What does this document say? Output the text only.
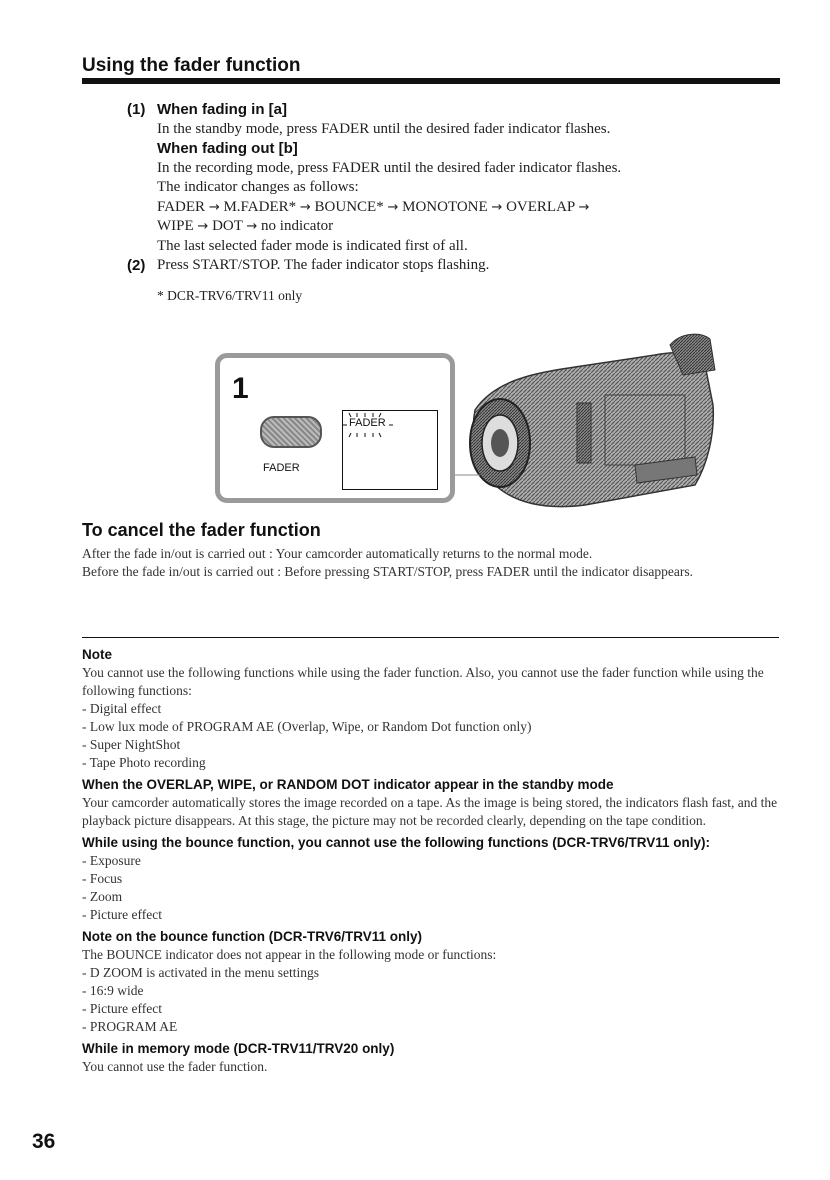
Using the fader function

(1) When fading in [a]

In the standby mode, press FADER until the desired fader indicator flashes.

When fading out [b]

In the recording mode, press FADER until the desired fader indicator flashes.

The indicator changes as follows:

FADER → M.FADER* → BOUNCE* → MONOTONE → OVERLAP →

WIPE → DOT → no indicator

The last selected fader mode is indicated first of all.

(2) Press START/STOP. The fader indicator stops flashing.

* DCR-TRV6/TRV11 only

1
FADER
FADER
To cancel the fader function

After the fade in/out is carried out : Your camcorder automatically returns to the normal mode.

Before the fade in/out is carried out : Before pressing START/STOP, press FADER until the indicator disappears.

Note

You cannot use the following functions while using the fader function. Also, you cannot use the fader function while using the following functions:

- Digital effect

- Low lux mode of PROGRAM AE (Overlap, Wipe, or Random Dot function only)

- Super NightShot

- Tape Photo recording

When the OVERLAP, WIPE, or RANDOM DOT indicator appear in the standby mode

Your camcorder automatically stores the image recorded on a tape. As the image is being stored, the indicators flash fast, and the playback picture disappears. At this stage, the picture may not be recorded clearly, depending on the tape condition.

While using the bounce function, you cannot use the following functions (DCR-TRV6/TRV11 only):

- Exposure

- Focus

- Zoom

- Picture effect

Note on the bounce function (DCR-TRV6/TRV11 only)

The BOUNCE indicator does not appear in the following mode or functions:

- D ZOOM is activated in the menu settings

- 16:9 wide

- Picture effect

- PROGRAM AE

While in memory mode (DCR-TRV11/TRV20 only)

You cannot use the fader function.

36
